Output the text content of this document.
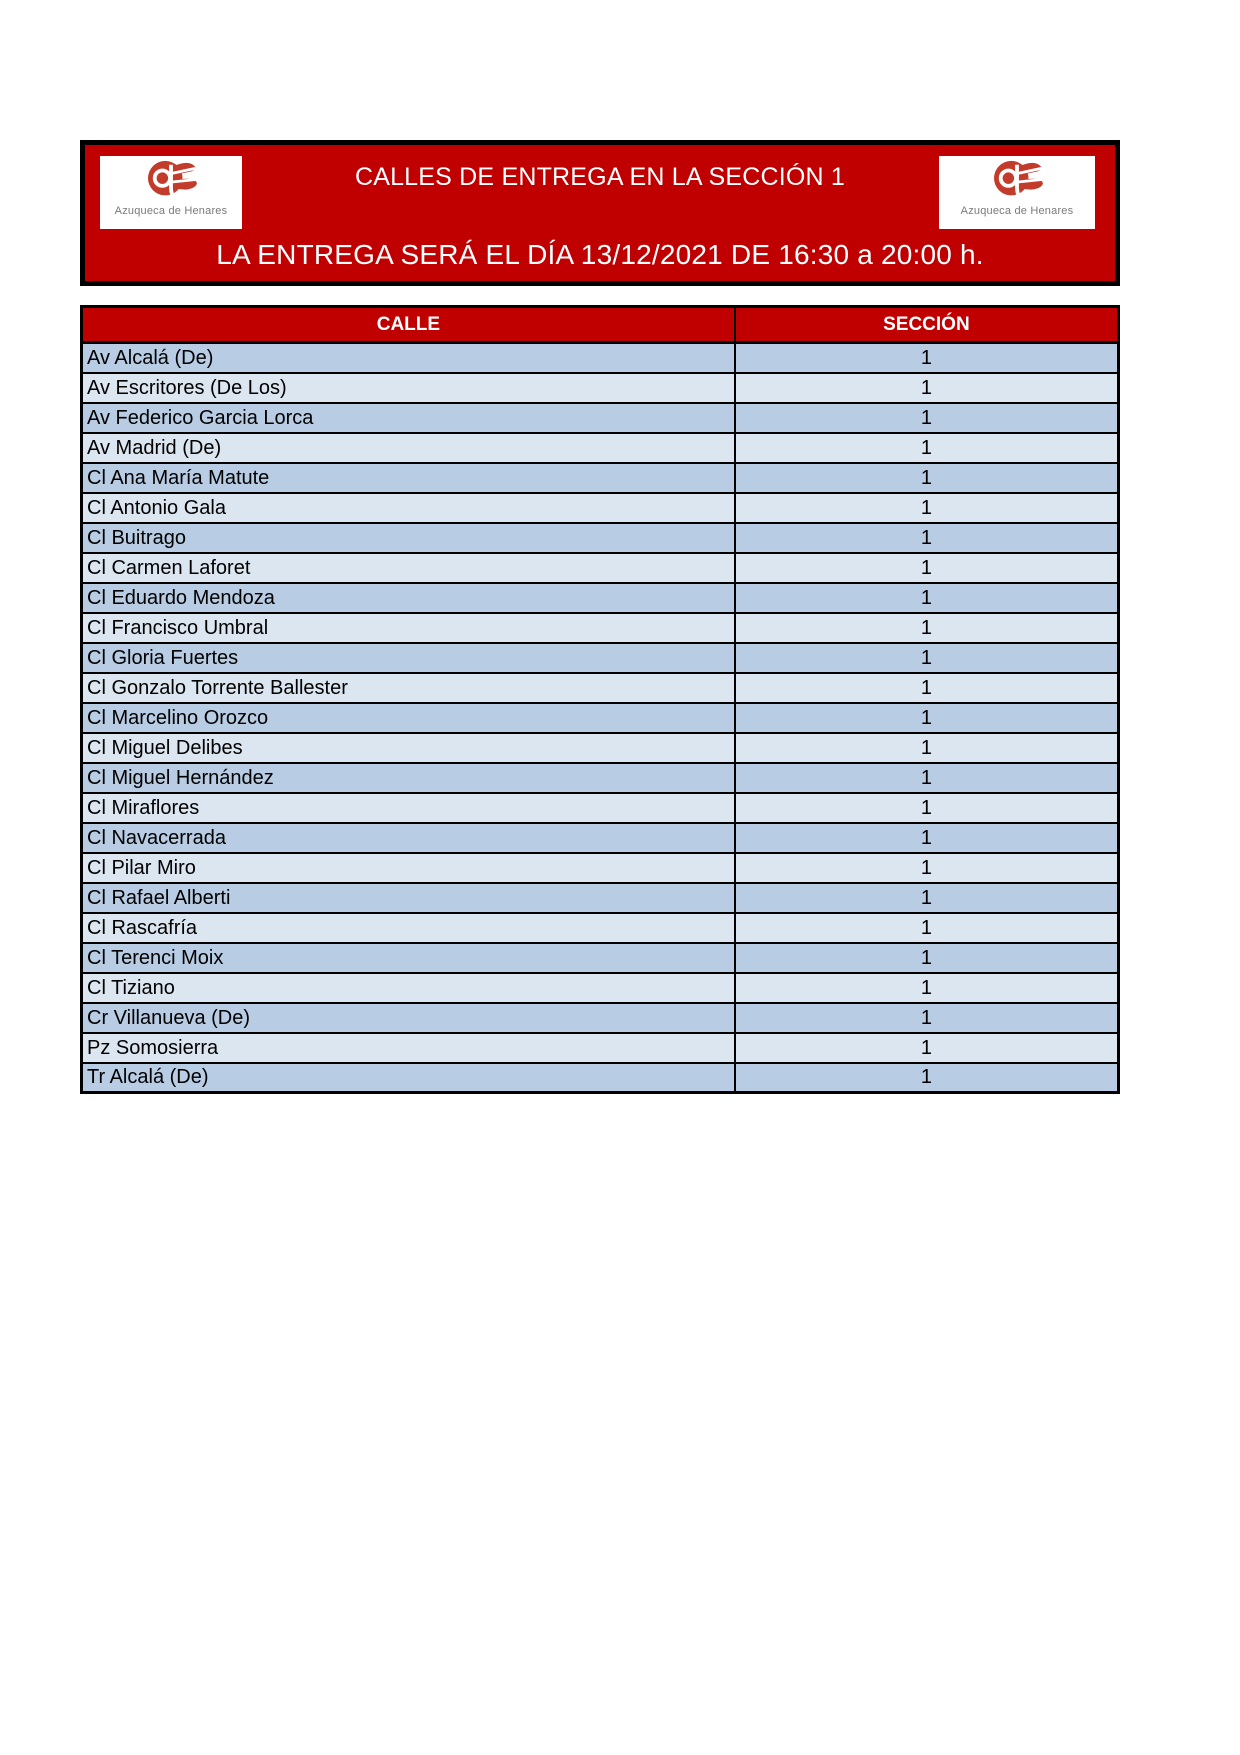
Azuqueca de Henares
CALLES DE ENTREGA EN LA SECCIÓN 1
LA ENTREGA SERÁ EL DÍA 13/12/2021 DE 16:30 a 20:00 h.
Azuqueca de Henares
CALLE	SECCIÓN
Av Alcalá (De)	1
Av Escritores (De Los)	1
Av Federico Garcia Lorca	1
Av Madrid (De)	1
Cl Ana María Matute	1
Cl Antonio Gala	1
Cl Buitrago	1
Cl Carmen Laforet	1
Cl Eduardo Mendoza	1
Cl Francisco Umbral	1
Cl Gloria Fuertes	1
Cl Gonzalo Torrente Ballester	1
Cl Marcelino Orozco	1
Cl Miguel Delibes	1
Cl Miguel Hernández	1
Cl Miraflores	1
Cl Navacerrada	1
Cl Pilar Miro	1
Cl Rafael Alberti	1
Cl Rascafría	1
Cl Terenci Moix	1
Cl Tiziano	1
Cr Villanueva (De)	1
Pz Somosierra	1
Tr Alcalá (De)	1
